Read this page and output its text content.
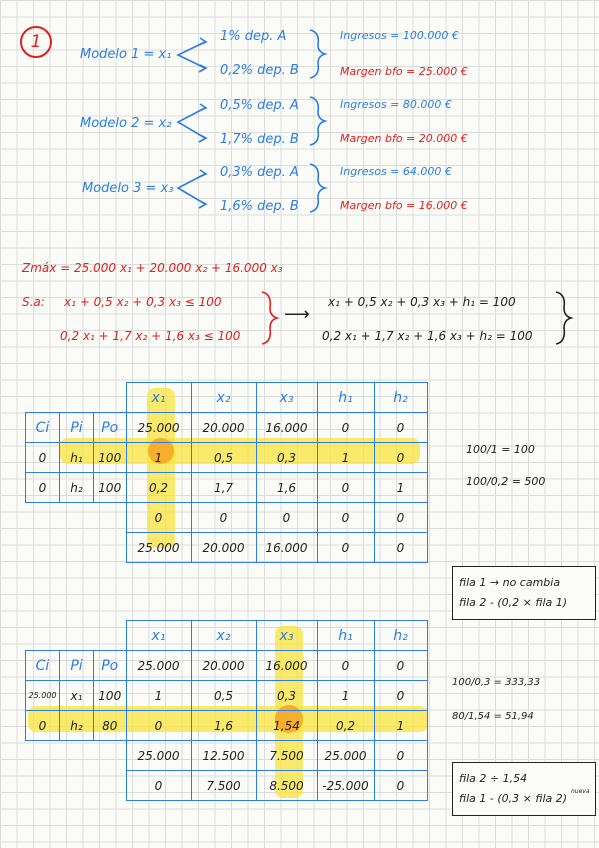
1
Modelo 1 = x₁
1% dep. A
0,2% dep. B
Ingresos = 100.000 €
Margen bfo = 25.000 €
Modelo 2 = x₂
0,5% dep. A
1,7% dep. B
Ingresos = 80.000 €
Margen bfo = 20.000 €
Modelo 3 = x₃
0,3% dep. A
1,6% dep. B
Ingresos = 64.000 €
Margen bfo = 16.000 €
Zmáx = 25.000 x₁ + 20.000 x₂ + 16.000 x₃
S.a: x₁ + 0,5 x₂ + 0,3 x₃ ≤ 100
0,2 x₁ + 1,7 x₂ + 1,6 x₃ ≤ 100
⟶
x₁ + 0,5 x₂ + 0,3 x₃ + h₁ = 100
0,2 x₁ + 1,7 x₂ + 1,6 x₃ + h₂ = 100
			x₁	x₂	x₃	h₁	h₂
Ci	Pi	Po	25.000	20.000	16.000	0	0
0	h₁	100	1	0,5	0,3	1	0
0	h₂	100	0,2	1,7	1,6	0	1
			0	0	0	0	0
			25.000	20.000	16.000	0	0
100/1 = 100
100/0,2 = 500
fila 1 → no cambia
fila 2 - (0,2 × fila 1)
			x₁	x₂	x₃	h₁	h₂
Ci	Pi	Po	25.000	20.000	16.000	0	0
25.000	x₁	100	1	0,5	0,3	1	0
0	h₂	80	0	1,6	1,54	0,2	1
			25.000	12.500	7.500	25.000	0
			0	7.500	8.500	-25.000	0
100/0,3 = 333,33
80/1,54 = 51,94
fila 2 ÷ 1,54
fila 1 - (0,3 × fila 2)
nueva
